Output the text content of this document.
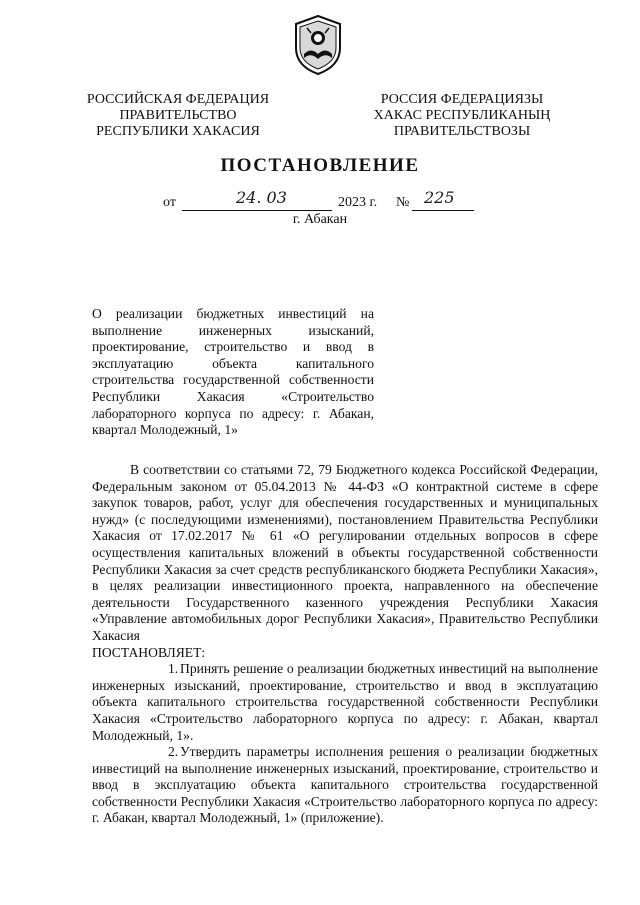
РОССИЙСКАЯ ФЕДЕРАЦИЯ
ПРАВИТЕЛЬСТВО
РЕСПУБЛИКИ ХАКАСИЯ
РОССИЯ ФЕДЕРАЦИЯЗЫ
ХАКАС РЕСПУБЛИКАНЫҢ
ПРАВИТЕЛЬСТВОЗЫ
ПОСТАНОВЛЕНИЕ
от	24. 03	2023 г. № 225
г. Абакан
О реализации бюджетных инвестиций на выполнение инженерных изысканий, проектирование, строительство и ввод в эксплуатацию объекта капитального строительства государственной собственности Республики Хакасия «Строительство лабораторного корпуса по адресу: г. Абакан, квартал Молодежный, 1»

В соответствии со статьями 72, 79 Бюджетного кодекса Российской Федерации, Федеральным законом от 05.04.2013 № 44-ФЗ «О контрактной системе в сфере закупок товаров, работ, услуг для обеспечения государственных и муниципальных нужд» (с последующими изменениями), постановлением Правительства Республики Хакасия от 17.02.2017 № 61 «О регулировании отдельных вопросов в сфере осуществления капитальных вложений в объекты государственной собственности Республики Хакасия за счет средств республиканского бюджета Республики Хакасия», в целях реализации инвестиционного проекта, направленного на обеспечение деятельности Государственного казенного учреждения Республики Хакасия «Управление автомобильных дорог Республики Хакасия», Правительство Республики Хакасия

ПОСТАНОВЛЯЕТ:

1. Принять решение о реализации бюджетных инвестиций на выполнение инженерных изысканий, проектирование, строительство и ввод в эксплуатацию объекта капитального строительства государственной собственности Республики Хакасия «Строительство лабораторного корпуса по адресу: г. Абакан, квартал Молодежный, 1».

2. Утвердить параметры исполнения решения о реализации бюджетных инвестиций на выполнение инженерных изысканий, проектирование, строительство и ввод в эксплуатацию объекта капитального строительства государственной собственности Республики Хакасия «Строительство лабораторного корпуса по адресу: г. Абакан, квартал Молодежный, 1» (приложение).
